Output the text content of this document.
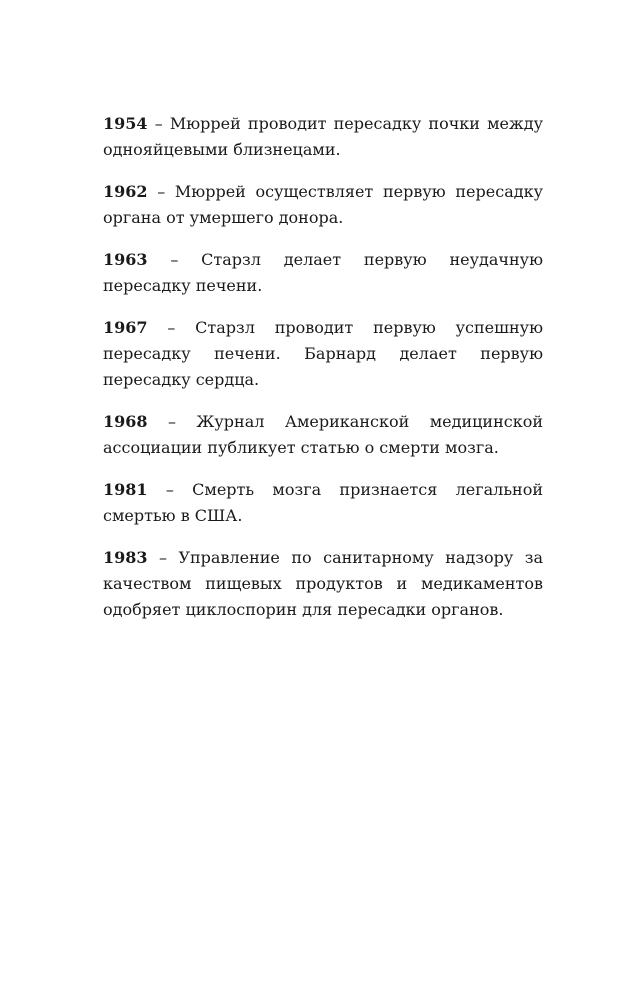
1954 – Мюррей проводит пересадку почки между однояйцевыми близнецами.

1962 – Мюррей осуществляет первую пересадку органа от умершего донора.

1963 – Старзл делает первую неудачную пересадку печени.

1967 – Старзл проводит первую успешную пересадку печени. Барнард делает первую пересадку сердца.

1968 – Журнал Американской медицинской ассоциации публикует статью о смерти мозга.

1981 – Смерть мозга признается легальной смертью в США.

1983 – Управление по санитарному надзору за качеством пищевых продуктов и медикаментов одобряет циклоспорин для пересадки органов.
